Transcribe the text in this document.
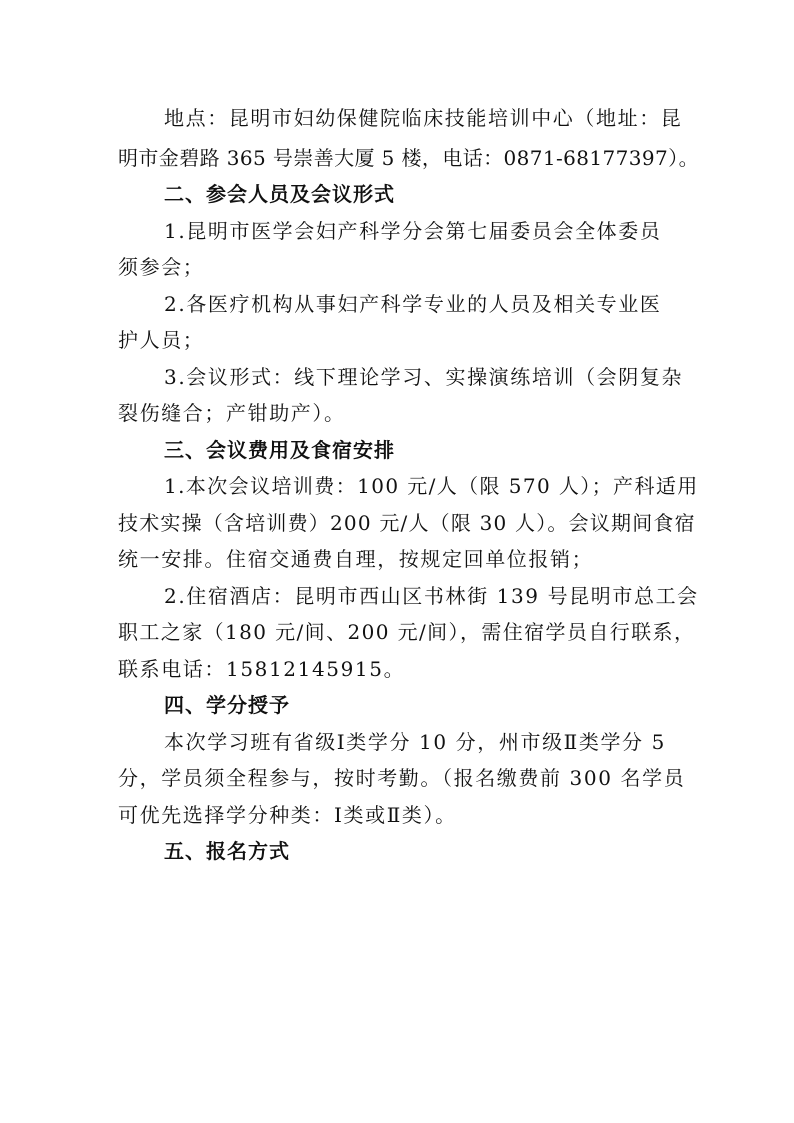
地点：昆明市妇幼保健院临床技能培训中心（地址：昆
明市金碧路 365 号崇善大厦 5 楼，电话：0871-68177397）。
二、参会人员及会议形式
1.昆明市医学会妇产科学分会第七届委员会全体委员
须参会；
2.各医疗机构从事妇产科学专业的人员及相关专业医
护人员；
3.会议形式：线下理论学习、实操演练培训（会阴复杂
裂伤缝合；产钳助产）。
三、会议费用及食宿安排
1.本次会议培训费：100 元/人（限 570 人）；产科适用
技术实操（含培训费）200 元/人（限 30 人）。会议期间食宿
统一安排。住宿交通费自理，按规定回单位报销；
2.住宿酒店：昆明市西山区书林街 139 号昆明市总工会
职工之家（180 元/间、200 元/间），需住宿学员自行联系，
联系电话：15812145915。
四、学分授予
本次学习班有省级Ⅰ类学分 10 分，州市级Ⅱ类学分 5
分，学员须全程参与，按时考勤。（报名缴费前 300 名学员
可优先选择学分种类：Ⅰ类或Ⅱ类）。
五、报名方式
